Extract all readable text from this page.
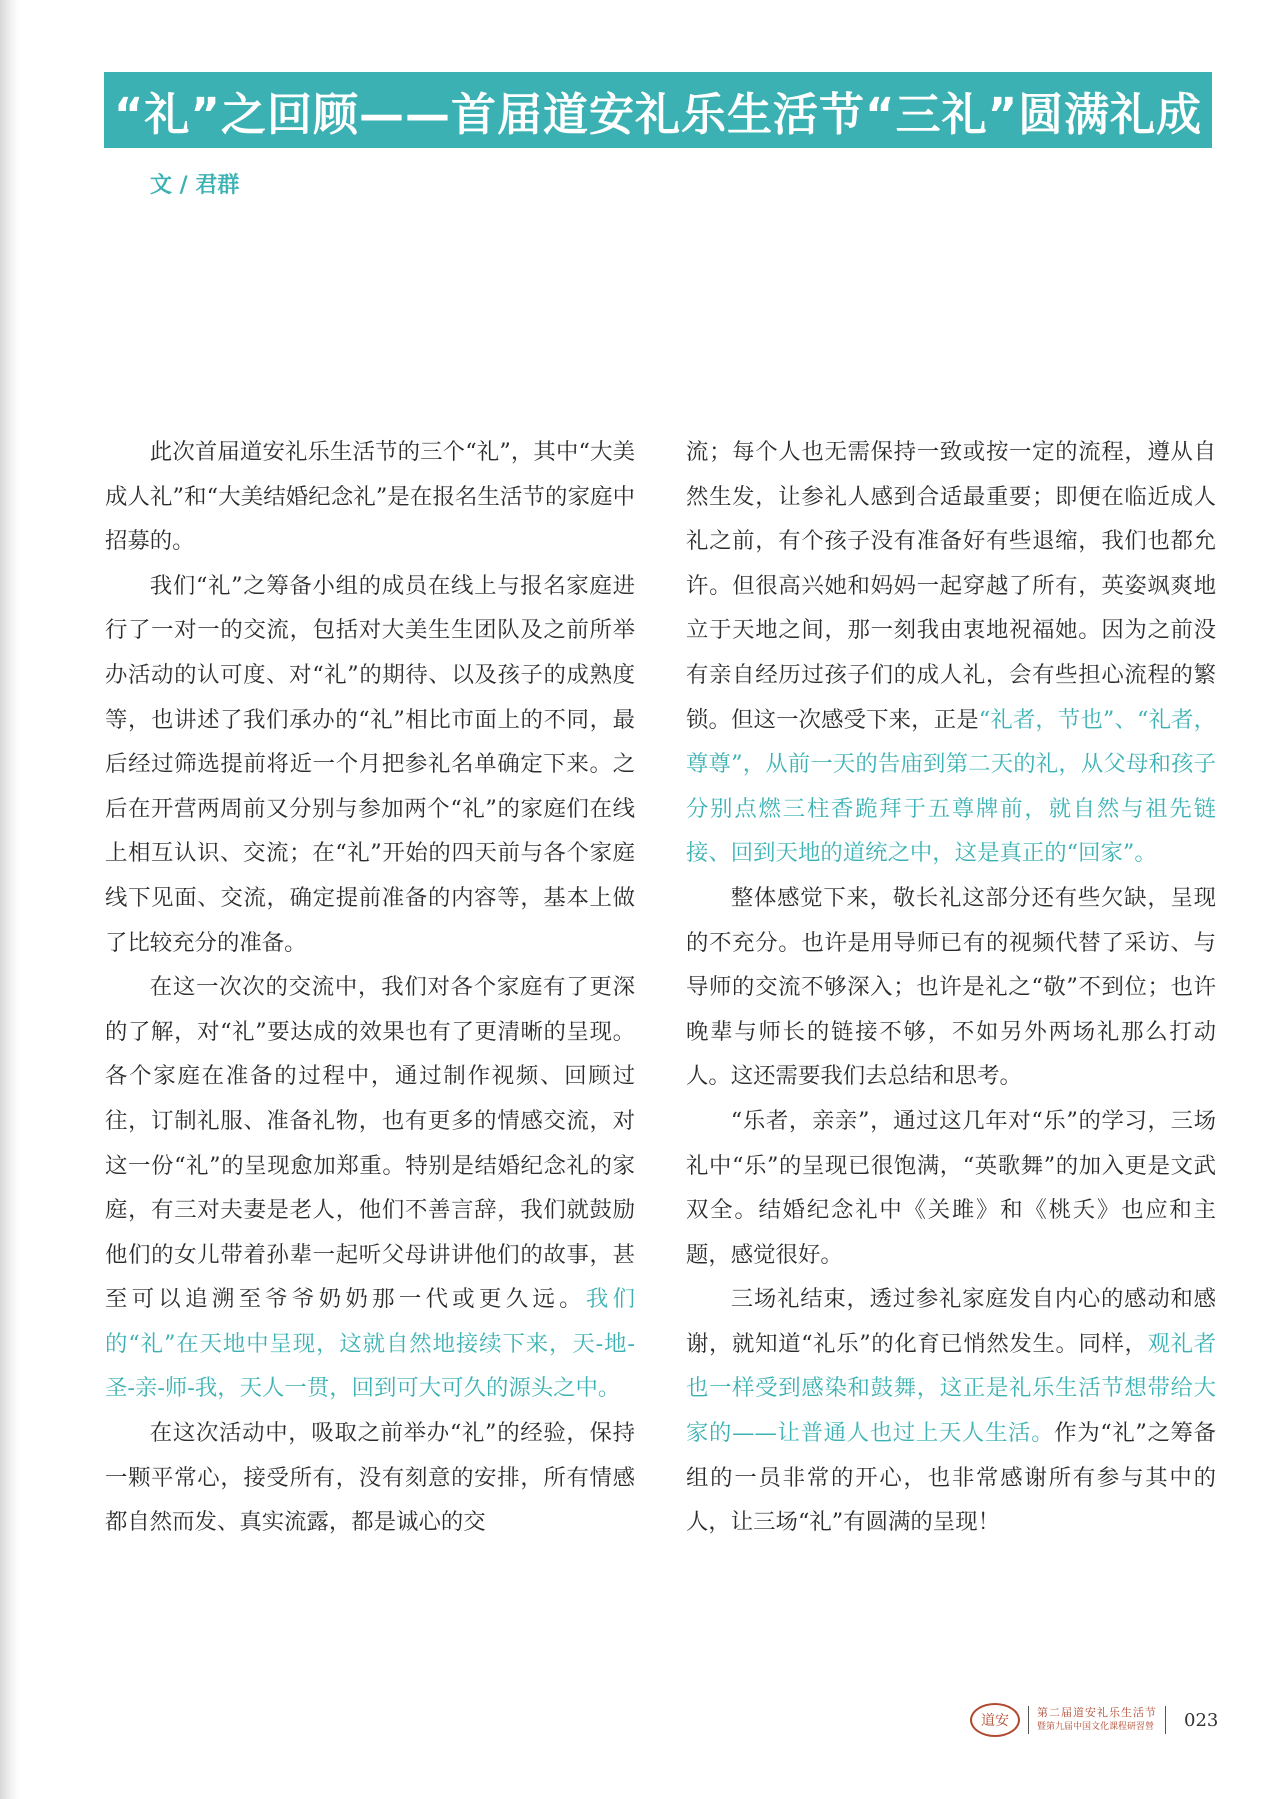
“礼”之回顾——首届道安礼乐生活节“三礼”圆满礼成
文 / 君群

此次首届道安礼乐生活节的三个“礼”，其中“大美成人礼”和“大美结婚纪念礼”是在报名生活节的家庭中招募的。

我们“礼”之筹备小组的成员在线上与报名家庭进行了一对一的交流，包括对大美生生团队及之前所举办活动的认可度、对“礼”的期待、以及孩子的成熟度等，也讲述了我们承办的“礼”相比市面上的不同，最后经过筛选提前将近一个月把参礼名单确定下来。之后在开营两周前又分别与参加两个“礼”的家庭们在线上相互认识、交流；在“礼”开始的四天前与各个家庭线下见面、交流，确定提前准备的内容等，基本上做了比较充分的准备。

在这一次次的交流中，我们对各个家庭有了更深的了解，对“礼”要达成的效果也有了更清晰的呈现。各个家庭在准备的过程中，通过制作视频、回顾过往，订制礼服、准备礼物，也有更多的情感交流，对这一份“礼”的呈现愈加郑重。特别是结婚纪念礼的家庭，有三对夫妻是老人，他们不善言辞，我们就鼓励他们的女儿带着孙辈一起听父母讲讲他们的故事，甚至可以追溯至爷爷奶奶那一代或更久远。我们的“礼”在天地中呈现，这就自然地接续下来，天-地-圣-亲-师-我，天人一贯，回到可大可久的源头之中。

在这次活动中，吸取之前举办“礼”的经验，保持一颗平常心，接受所有，没有刻意的安排，所有情感都自然而发、真实流露，都是诚心的交

流；每个人也无需保持一致或按一定的流程，遵从自然生发，让参礼人感到合适最重要；即便在临近成人礼之前，有个孩子没有准备好有些退缩，我们也都允许。但很高兴她和妈妈一起穿越了所有，英姿飒爽地立于天地之间，那一刻我由衷地祝福她。因为之前没有亲自经历过孩子们的成人礼，会有些担心流程的繁锁。但这一次感受下来，正是“礼者，节也”、“礼者，尊尊”，从前一天的告庙到第二天的礼，从父母和孩子分别点燃三柱香跪拜于五尊牌前，就自然与祖先链接、回到天地的道统之中，这是真正的“回家”。

整体感觉下来，敬长礼这部分还有些欠缺，呈现的不充分。也许是用导师已有的视频代替了采访、与导师的交流不够深入；也许是礼之“敬”不到位；也许晚辈与师长的链接不够，不如另外两场礼那么打动人。这还需要我们去总结和思考。

“乐者，亲亲”，通过这几年对“乐”的学习，三场礼中“乐”的呈现已很饱满，“英歌舞”的加入更是文武双全。结婚纪念礼中《关雎》和《桃夭》也应和主题，感觉很好。

三场礼结束，透过参礼家庭发自内心的感动和感谢，就知道“礼乐”的化育已悄然发生。同样，观礼者也一样受到感染和鼓舞，这正是礼乐生活节想带给大家的——让普通人也过上天人生活。作为“礼”之筹备组的一员非常的开心，也非常感谢所有参与其中的人，让三场“礼”有圆满的呈现！

道安
第二届道安礼乐生活节
暨第九届中国文化课程研習營 023
